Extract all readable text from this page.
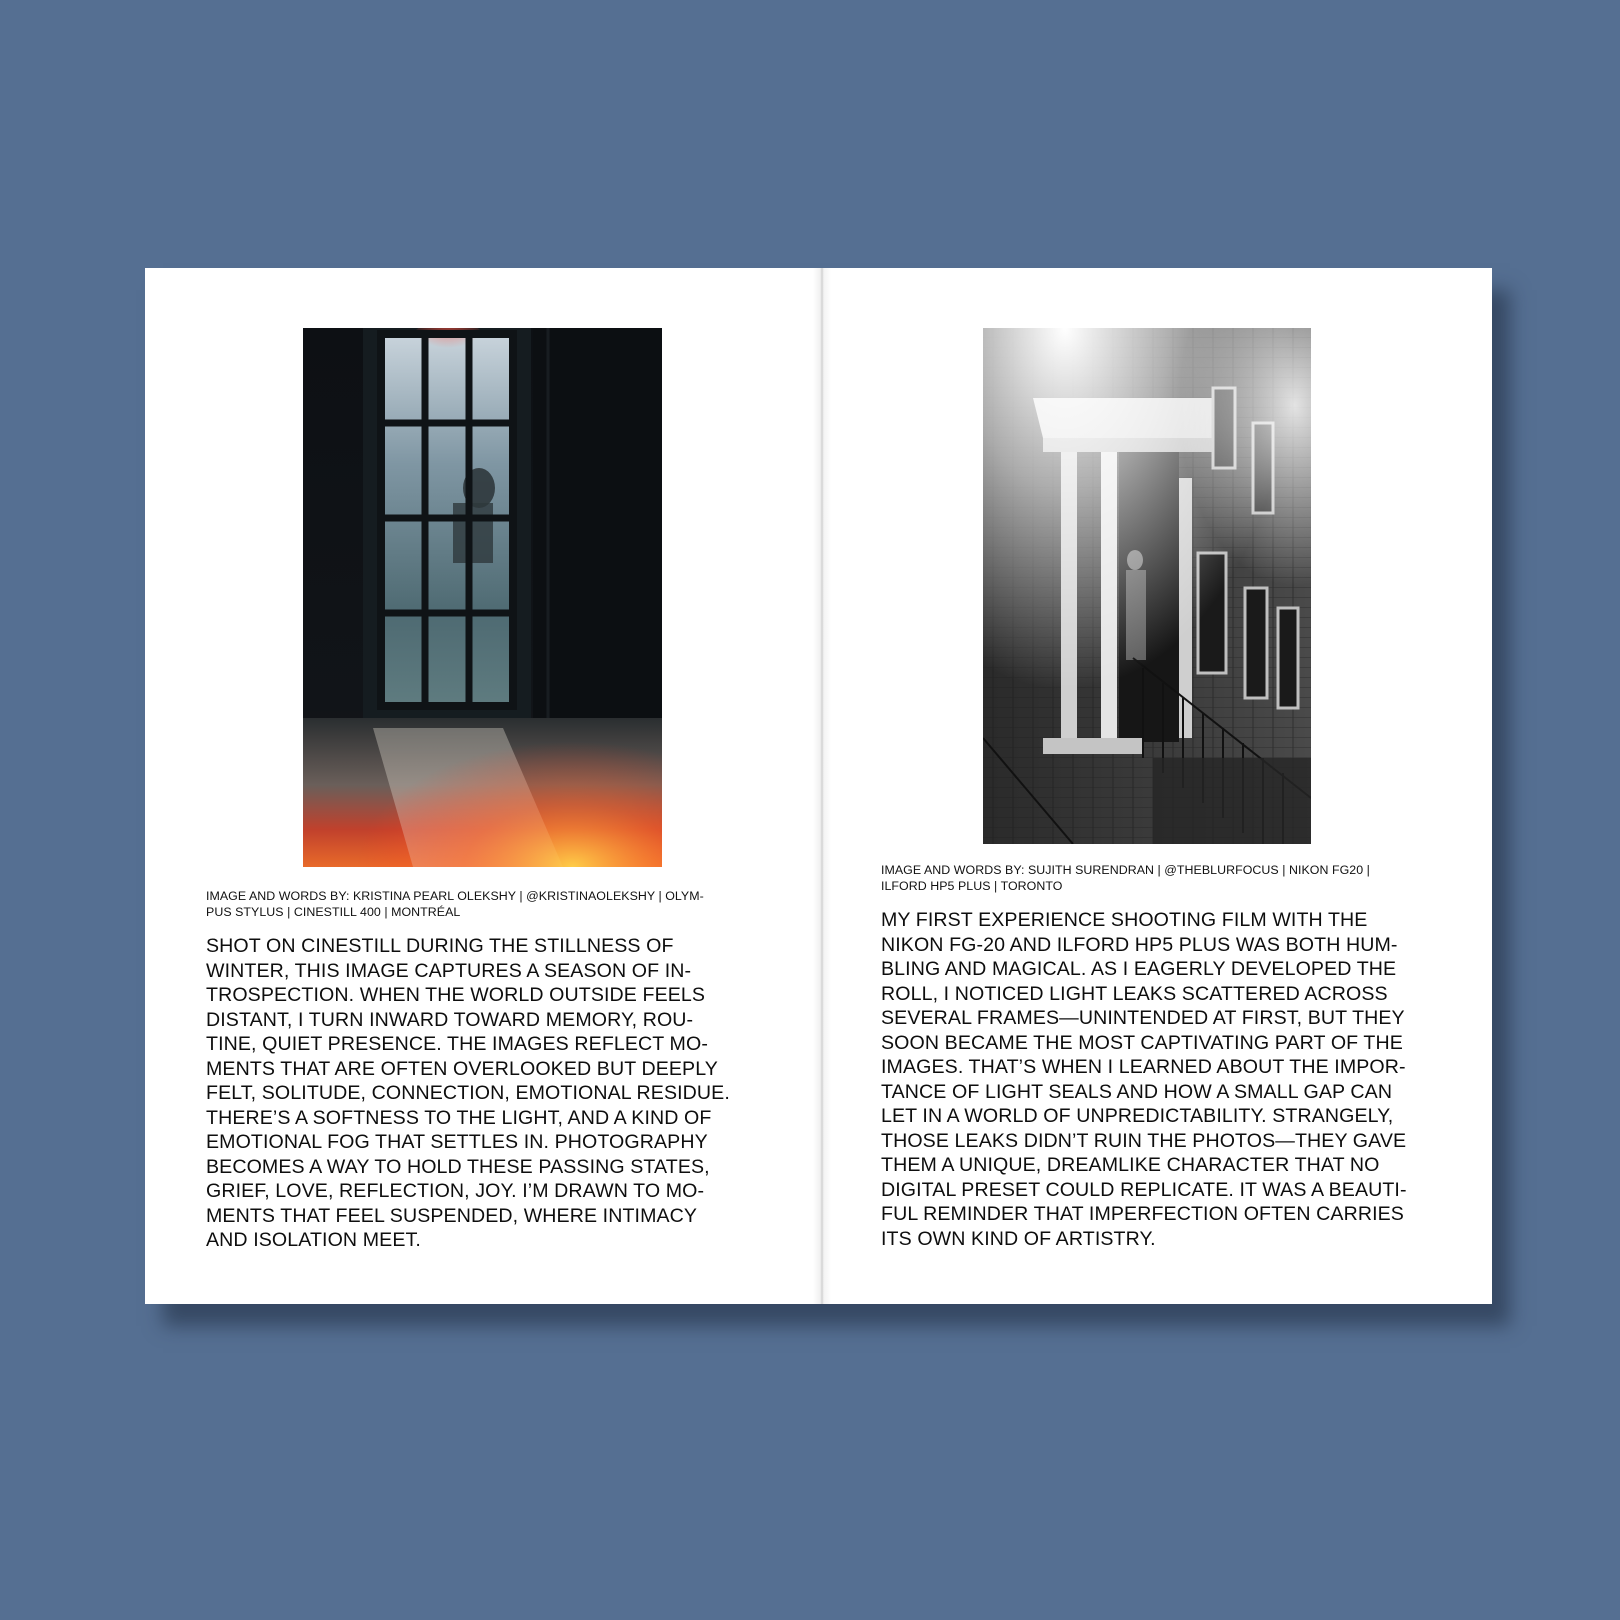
IMAGE AND WORDS BY: KRISTINA PEARL OLEKSHY | @KRISTINAOLEKSHY | OLYM-
PUS STYLUS | CINESTILL 400 | MONTRÉAL
SHOT ON CINESTILL DURING THE STILLNESS OF
WINTER, THIS IMAGE CAPTURES A SEASON OF IN-
TROSPECTION. WHEN THE WORLD OUTSIDE FEELS
DISTANT, I TURN INWARD TOWARD MEMORY, ROU-
TINE, QUIET PRESENCE. THE IMAGES REFLECT MO-
MENTS THAT ARE OFTEN OVERLOOKED BUT DEEPLY
FELT, SOLITUDE, CONNECTION, EMOTIONAL RESIDUE.
THERE’S A SOFTNESS TO THE LIGHT, AND A KIND OF
EMOTIONAL FOG THAT SETTLES IN. PHOTOGRAPHY
BECOMES A WAY TO HOLD THESE PASSING STATES,
GRIEF, LOVE, REFLECTION, JOY. I’M DRAWN TO MO-
MENTS THAT FEEL SUSPENDED, WHERE INTIMACY
AND ISOLATION MEET.
IMAGE AND WORDS BY: SUJITH SURENDRAN | @THEBLURFOCUS | NIKON FG20 |
ILFORD HP5 PLUS | TORONTO
MY FIRST EXPERIENCE SHOOTING FILM WITH THE
NIKON FG-20 AND ILFORD HP5 PLUS WAS BOTH HUM-
BLING AND MAGICAL. AS I EAGERLY DEVELOPED THE
ROLL, I NOTICED LIGHT LEAKS SCATTERED ACROSS
SEVERAL FRAMES—UNINTENDED AT FIRST, BUT THEY
SOON BECAME THE MOST CAPTIVATING PART OF THE
IMAGES. THAT’S WHEN I LEARNED ABOUT THE IMPOR-
TANCE OF LIGHT SEALS AND HOW A SMALL GAP CAN
LET IN A WORLD OF UNPREDICTABILITY. STRANGELY,
THOSE LEAKS DIDN’T RUIN THE PHOTOS—THEY GAVE
THEM A UNIQUE, DREAMLIKE CHARACTER THAT NO
DIGITAL PRESET COULD REPLICATE. IT WAS A BEAUTI-
FUL REMINDER THAT IMPERFECTION OFTEN CARRIES
ITS OWN KIND OF ARTISTRY.
